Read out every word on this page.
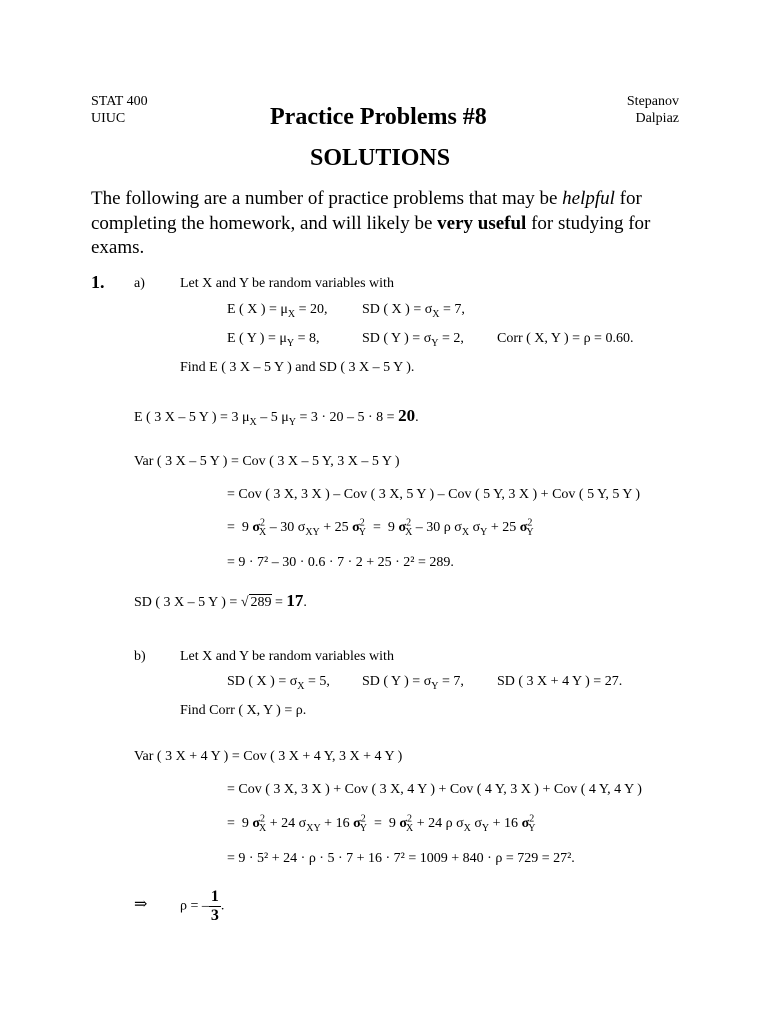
STAT 400
UIUC	Practice Problems #8
Stepanov
Dalpiaz
SOLUTIONS
The following are a number of practice problems that may be helpful for completing the homework, and will likely be very useful for studying for exams.
1. a)	Let X and Y be random variables with
E ( X ) = $\mu_X = 20$, SD ( X ) = $\sigma_X = 7$,
E ( Y ) = $\mu_Y = 8$,	SD ( Y ) = $\sigma_Y = 2$, Corr ( X, Y ) = ρ = 0.60.
Find E ( 3 X – 5 Y ) and SD ( 3 X – 5 Y ).
E ( 3 X – 5 Y ) = 3 $\mu_X - 5$ $\mu_Y = 3 \cdot 20 - 5 \cdot 8 = 20$.
Var ( 3 X – 5 Y ) = Cov ( 3 X – 5 Y, 3 X – 5 Y )
= Cov ( 3 X, 3 X ) – Cov ( 3 X, 5 Y ) – Cov ( 5 Y, 3 X ) + Cov ( 5 Y, 5 Y )
=  9 $\sigma^2_X - 30$ $\sigma_{XY} + 25$ $\sigma^2_Y = 9$ $\sigma^2_X - 30$ ρ $\sigma_X$ $\sigma_Y + 25$ $\sigma^2_Y$
= 9 · 7² – 30 · 0.6 · 7 · 2 + 25 · 2² = 289.
SD ( 3 X – 5 Y ) = √ 289 = 17.
b) Let X and Y be random variables with
SD ( X ) = $\sigma_X = 5$, SD ( Y ) = $\sigma_Y = 7$, SD ( 3 X + 4 Y ) = 27.
Find Corr ( X, Y ) = ρ.
Var ( 3 X + 4 Y ) = Cov ( 3 X + 4 Y, 3 X + 4 Y )
= Cov ( 3 X, 3 X ) + Cov ( 3 X, 4 Y ) + Cov ( 4 Y, 3 X ) + Cov ( 4 Y, 4 Y )
=  9 $\sigma^2_X + 24$ $\sigma_{XY} + 16$ $\sigma^2_Y = 9$ $\sigma^2_X + 24$ ρ $\sigma_X$ $\sigma_Y + 16$ $\sigma^2_Y$
= 9 · 5² + 24 · ρ · 5 · 7 + 16 · 7² = 1009 + 840 · ρ = 729 = 27².
⇒ ρ = – $\frac{1}{3}$ .
